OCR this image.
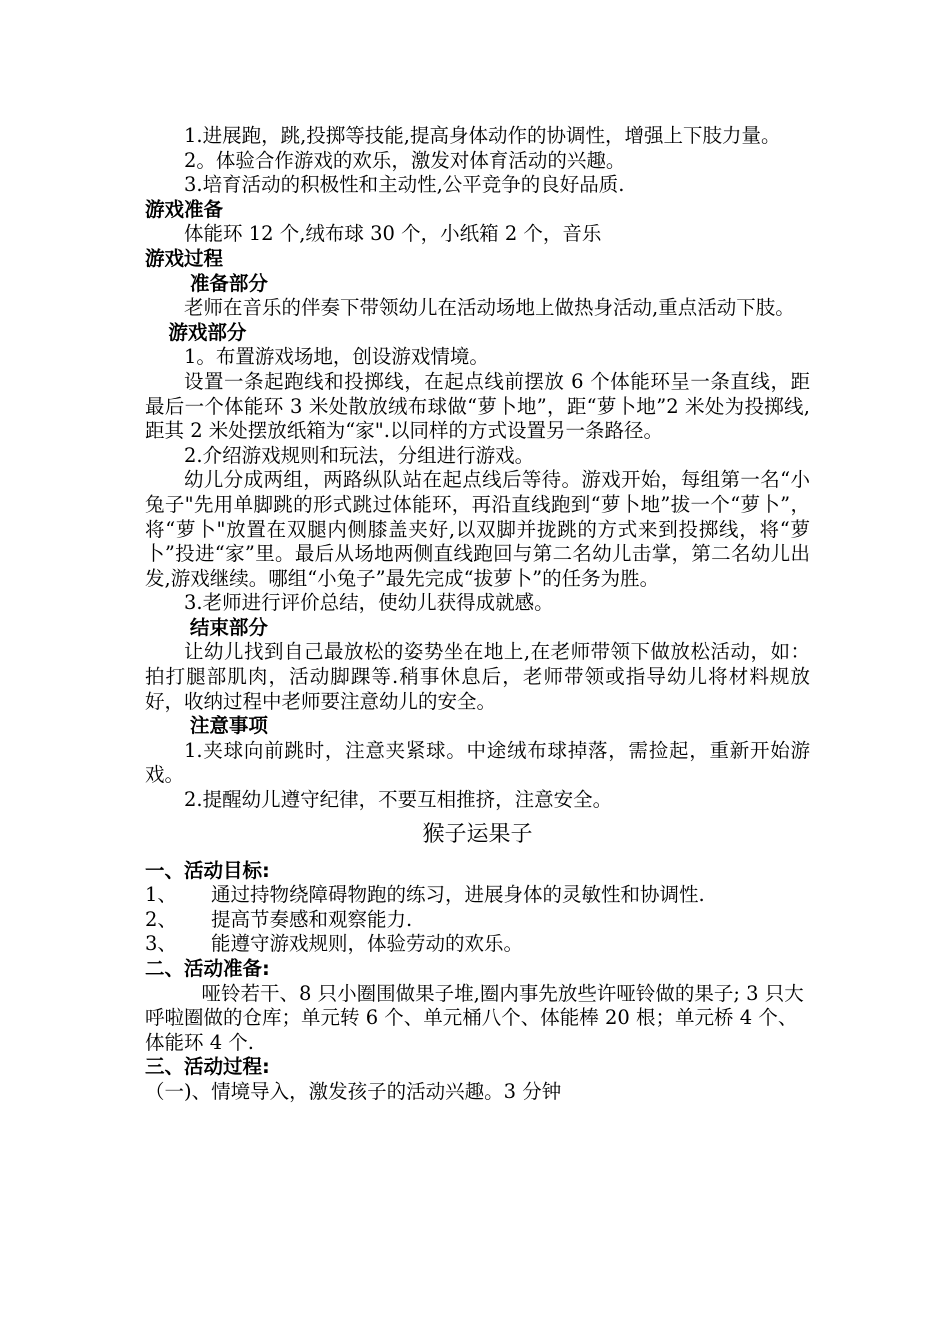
1.进展跑，跳,投掷等技能,提高身体动作的协调性，增强上下肢力量。

2。体验合作游戏的欢乐，激发对体育活动的兴趣。

3.培育活动的积极性和主动性,公平竞争的良好品质.

游戏准备

体能环 12 个,绒布球 30 个，小纸箱 2 个，音乐

游戏过程

准备部分

老师在音乐的伴奏下带领幼儿在活动场地上做热身活动,重点活动下肢。

游戏部分

1。布置游戏场地，创设游戏情境。

设置一条起跑线和投掷线，在起点线前摆放 6 个体能环呈一条直线，距最后一个体能环 3 米处散放绒布球做“萝卜地”，距“萝卜地”2 米处为投掷线,距其 2 米处摆放纸箱为“家".以同样的方式设置另一条路径。

2.介绍游戏规则和玩法，分组进行游戏。

幼儿分成两组，两路纵队站在起点线后等待。游戏开始，每组第一名“小兔子"先用单脚跳的形式跳过体能环，再沿直线跑到“萝卜地”拔一个“萝卜”，将“萝卜"放置在双腿内侧膝盖夹好,以双脚并拢跳的方式来到投掷线，将“萝卜”投进“家”里。最后从场地两侧直线跑回与第二名幼儿击掌，第二名幼儿出发,游戏继续。哪组“小兔子”最先完成“拔萝卜”的任务为胜。

3.老师进行评价总结，使幼儿获得成就感。

结束部分

让幼儿找到自己最放松的姿势坐在地上,在老师带领下做放松活动，如：拍打腿部肌肉，活动脚踝等.稍事休息后，老师带领或指导幼儿将材料规放好，收纳过程中老师要注意幼儿的安全。

注意事项

1.夹球向前跳时，注意夹紧球。中途绒布球掉落，需捡起，重新开始游戏。

2.提醒幼儿遵守纪律，不要互相推挤，注意安全。

猴子运果子

一、活动目标:

1、	通过持物绕障碍物跑的练习，进展身体的灵敏性和协调性.
2、	提高节奏感和观察能力.
3、	能遵守游戏规则，体验劳动的欢乐。

二、活动准备:

哑铃若干、8 只小圈围做果子堆,圈内事先放些许哑铃做的果子; 3 只大呼啦圈做的仓库；单元转 6 个、单元桶八个、体能棒 20 根；单元桥 4 个、体能环 4 个.

三、活动过程:

（一)、情境导入，激发孩子的活动兴趣。3 分钟
